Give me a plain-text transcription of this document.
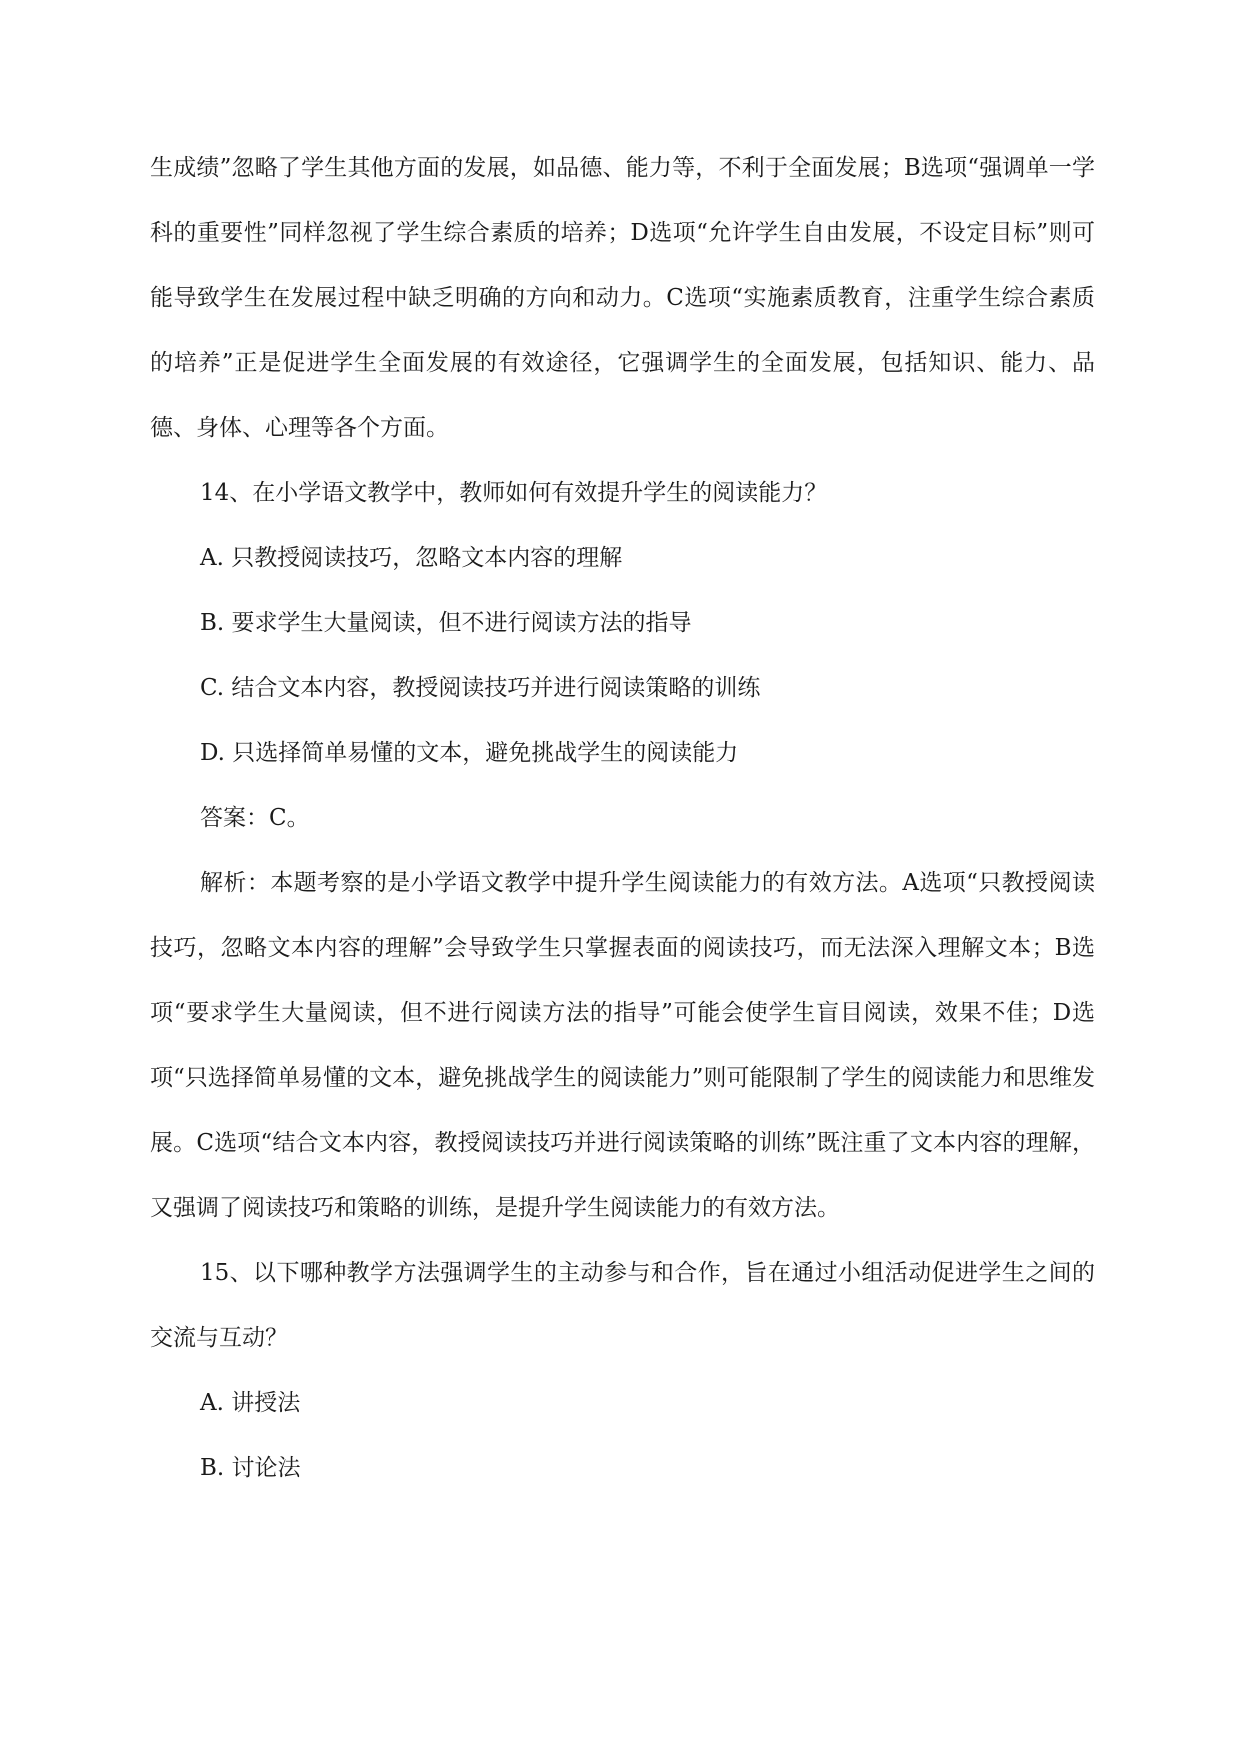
生成绩”忽略了学生其他方面的发展，如品德、能力等，不利于全面发展；B选项“强调单一学科的重要性”同样忽视了学生综合素质的培养；D选项“允许学生自由发展，不设定目标”则可能导致学生在发展过程中缺乏明确的方向和动力。C选项“实施素质教育，注重学生综合素质的培养”正是促进学生全面发展的有效途径，它强调学生的全面发展，包括知识、能力、品德、身体、心理等各个方面。

14、在小学语文教学中，教师如何有效提升学生的阅读能力？

A. 只教授阅读技巧，忽略文本内容的理解

B. 要求学生大量阅读，但不进行阅读方法的指导

C. 结合文本内容，教授阅读技巧并进行阅读策略的训练

D. 只选择简单易懂的文本，避免挑战学生的阅读能力

答案：C。

解析：本题考察的是小学语文教学中提升学生阅读能力的有效方法。A选项“只教授阅读技巧，忽略文本内容的理解”会导致学生只掌握表面的阅读技巧，而无法深入理解文本；B选项“要求学生大量阅读，但不进行阅读方法的指导”可能会使学生盲目阅读，效果不佳；D选项“只选择简单易懂的文本，避免挑战学生的阅读能力”则可能限制了学生的阅读能力和思维发展。C选项“结合文本内容，教授阅读技巧并进行阅读策略的训练”既注重了文本内容的理解，又强调了阅读技巧和策略的训练，是提升学生阅读能力的有效方法。

15、以下哪种教学方法强调学生的主动参与和合作，旨在通过小组活动促进学生之间的交流与互动？

A. 讲授法

B. 讨论法
